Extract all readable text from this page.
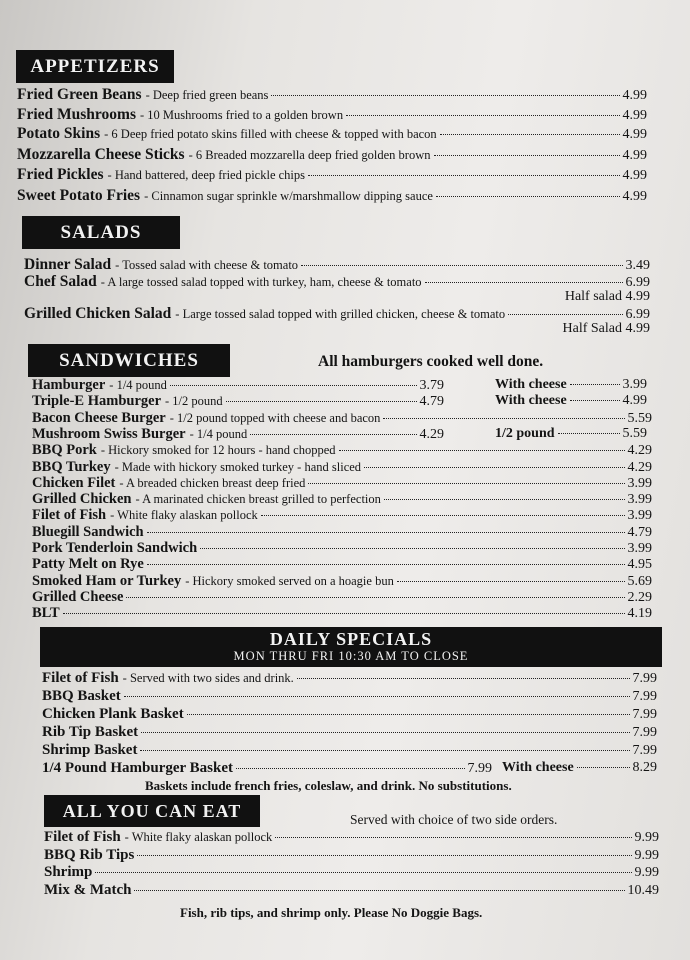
APPETIZERS
Fried Green Beans - Deep fried green beans	4.99
Fried Mushrooms - 10 Mushrooms fried to a golden brown	4.99
Potato Skins - 6 Deep fried potato skins filled with cheese & topped with bacon	4.99
Mozzarella Cheese Sticks - 6 Breaded mozzarella deep fried golden brown	4.99
Fried Pickles - Hand battered, deep fried pickle chips	4.99
Sweet Potato Fries - Cinnamon sugar sprinkle w/marshmallow dipping sauce	4.99
SALADS
Dinner Salad - Tossed salad with cheese & tomato	3.49
Chef Salad - A large tossed salad topped with turkey, ham, cheese & tomato	6.99
Half salad 4.99
Grilled Chicken Salad - Large tossed salad topped with grilled chicken, cheese & tomato	6.99
Half Salad 4.99
SANDWICHES	All hamburgers cooked well done.
Hamburger - 1/4 pound	3.79	With cheese	3.99
Triple-E Hamburger - 1/2 pound	4.79	With cheese	4.99
Bacon Cheese Burger - 1/2 pound topped with cheese and bacon	5.59
Mushroom Swiss Burger - 1/4 pound	4.29	1/2 pound	5.59
BBQ Pork - Hickory smoked for 12 hours - hand chopped	4.29
BBQ Turkey - Made with hickory smoked turkey - hand sliced	4.29
Chicken Filet - A breaded chicken breast deep fried	3.99
Grilled Chicken - A marinated chicken breast grilled to perfection	3.99
Filet of Fish - White flaky alaskan pollock	3.99
Bluegill Sandwich	4.79
Pork Tenderloin Sandwich	3.99
Patty Melt on Rye	4.95
Smoked Ham or Turkey - Hickory smoked served on a hoagie bun	5.69
Grilled Cheese	2.29
BLT	4.19
DAILY SPECIALS
MON THRU FRI 10:30 AM TO CLOSE
Filet of Fish - Served with two sides and drink.	7.99
BBQ Basket	7.99
Chicken Plank Basket	7.99
Rib Tip Basket	7.99
Shrimp Basket	7.99
1/4 Pound Hamburger Basket	7.99 With cheese	8.29
Baskets include french fries, coleslaw, and drink. No substitutions.
ALL YOU CAN EAT	Served with choice of two side orders.
Filet of Fish - White flaky alaskan pollock	9.99
BBQ Rib Tips	9.99
Shrimp	9.99
Mix & Match	10.49
Fish, rib tips, and shrimp only. Please No Doggie Bags.
